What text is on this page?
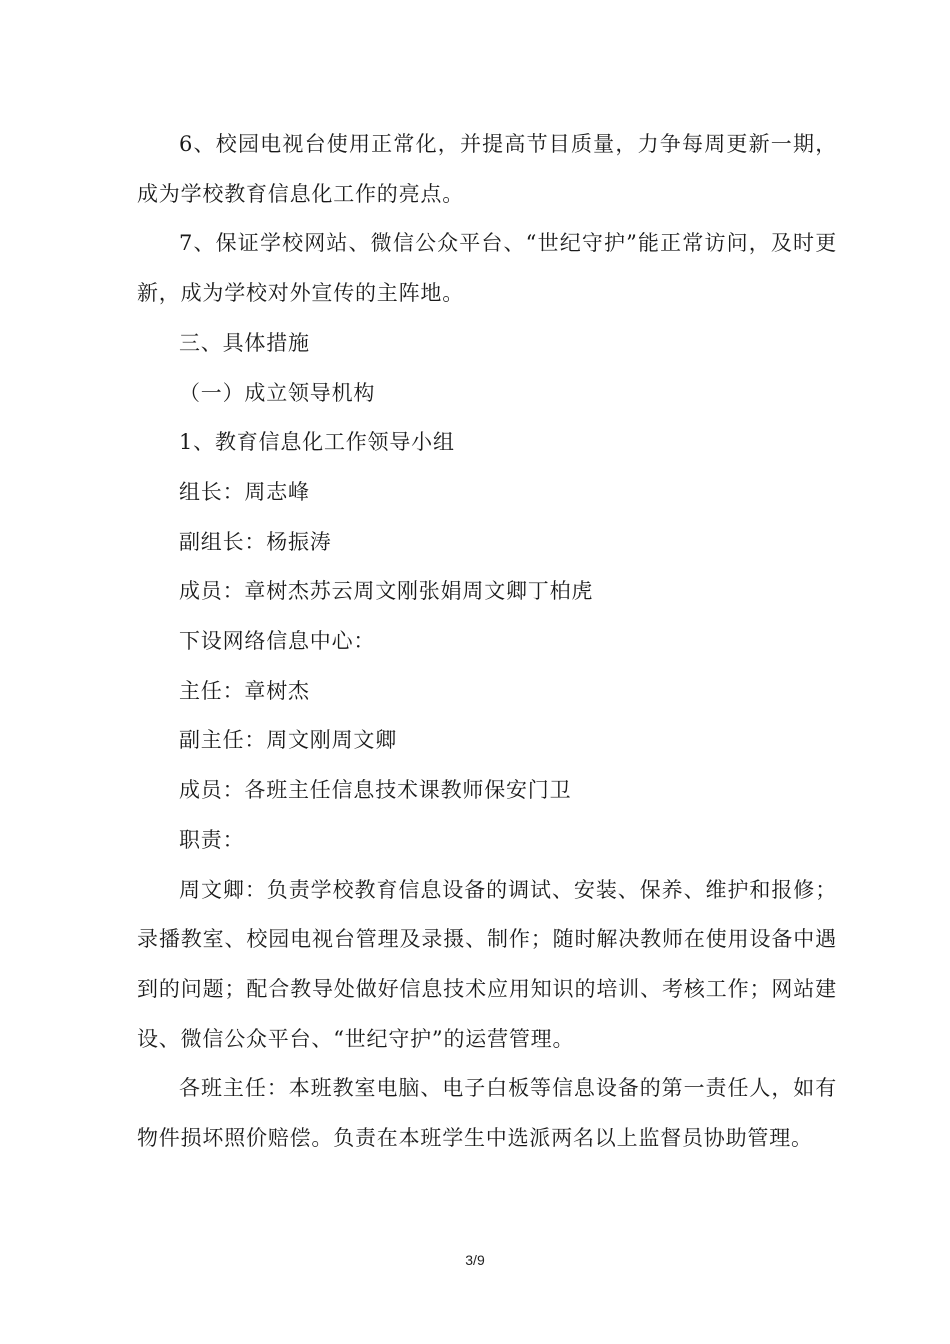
6、校园电视台使用正常化，并提高节目质量，力争每周更新一期，成为学校教育信息化工作的亮点。

7、保证学校网站、微信公众平台、“世纪守护”能正常访问，及时更新，成为学校对外宣传的主阵地。

三、具体措施

（一）成立领导机构

1、教育信息化工作领导小组

组长：周志峰

副组长：杨振涛

成员：章树杰苏云周文刚张娟周文卿丁柏虎

下设网络信息中心：

主任：章树杰

副主任：周文刚周文卿

成员：各班主任信息技术课教师保安门卫

职责：

周文卿：负责学校教育信息设备的调试、安装、保养、维护和报修；录播教室、校园电视台管理及录摄、制作；随时解决教师在使用设备中遇到的问题；配合教导处做好信息技术应用知识的培训、考核工作；网站建设、微信公众平台、“世纪守护”的运营管理。

各班主任：本班教室电脑、电子白板等信息设备的第一责任人，如有物件损坏照价赔偿。负责在本班学生中选派两名以上监督员协助管理。

3/9
